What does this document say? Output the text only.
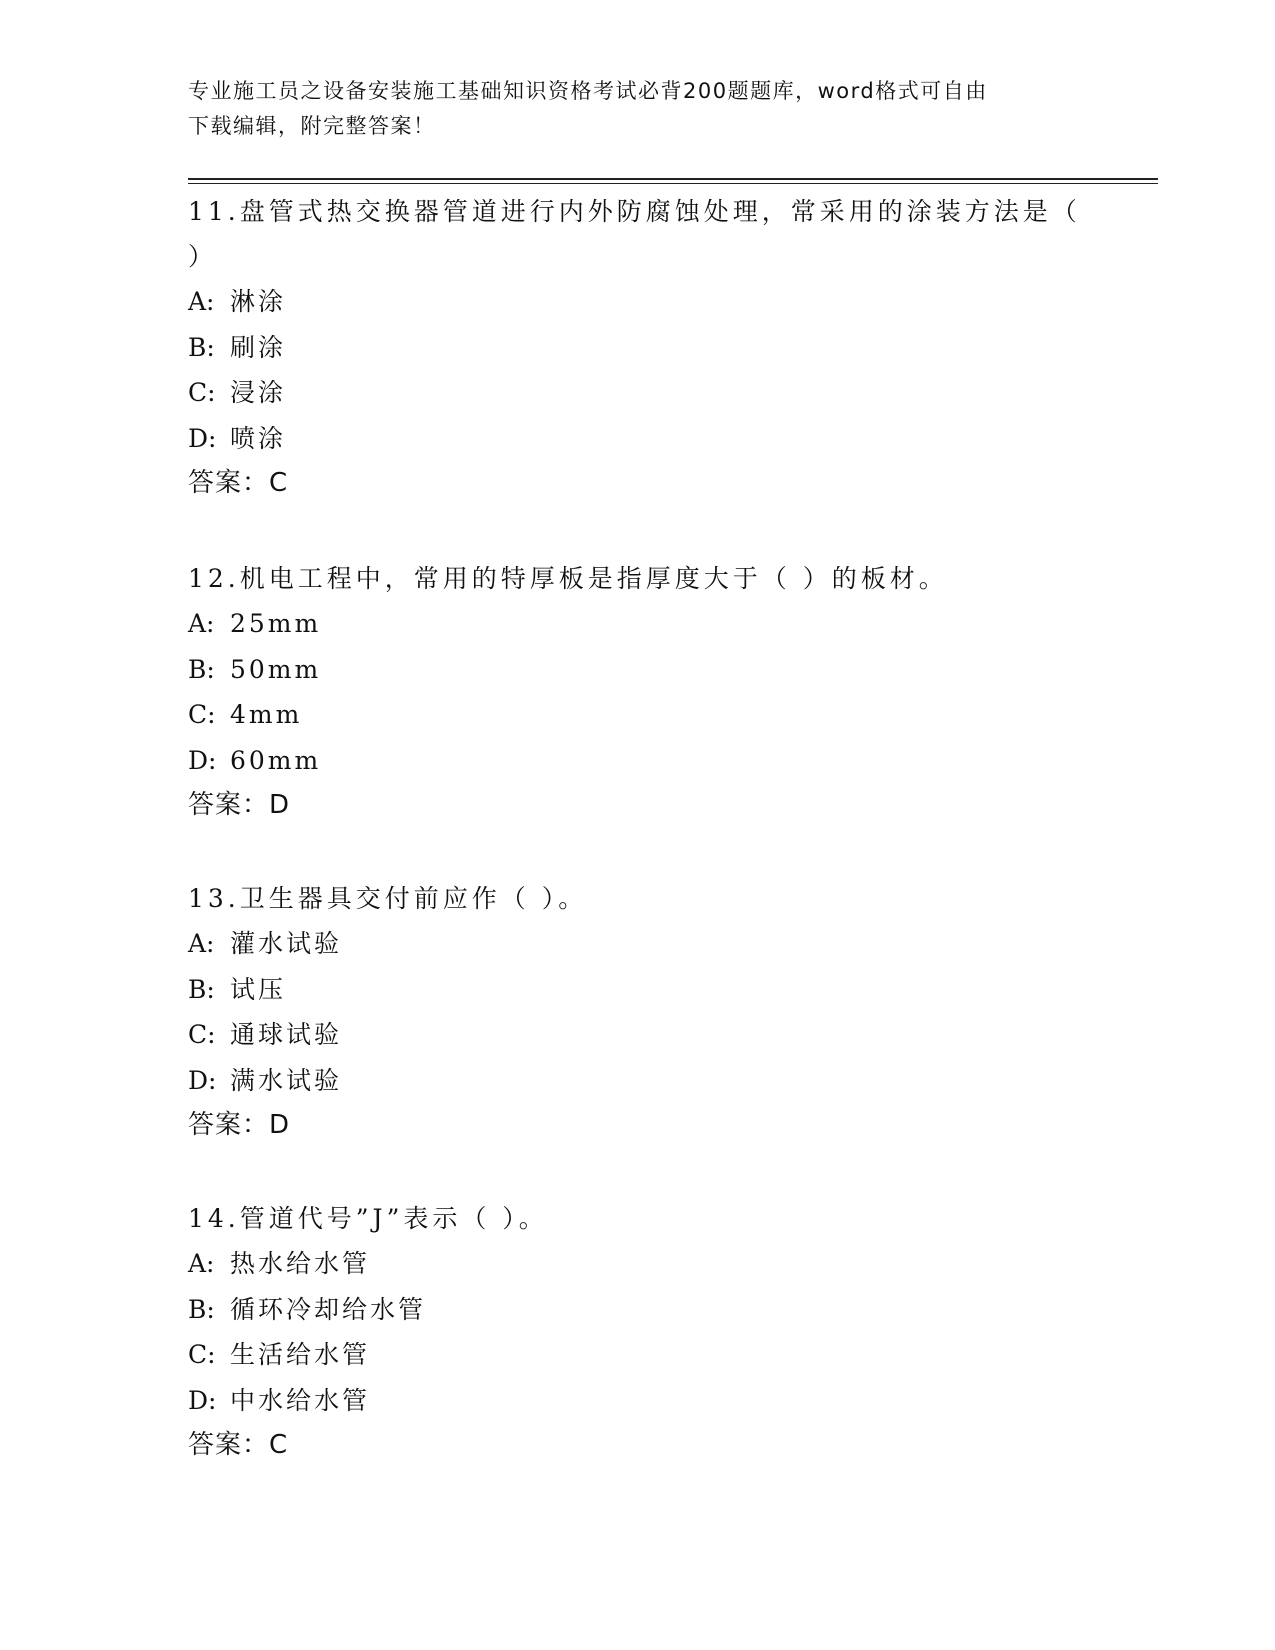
专业施工员之设备安装施工基础知识资格考试必背200题题库，word格式可自由
下载编辑，附完整答案！
11.盘管式热交换器管道进行内外防腐蚀处理，常采用的涂装方法是（
）
A: 淋涂
B: 刷涂
C: 浸涂
D: 喷涂
答案：C
12.机电工程中，常用的特厚板是指厚度大于（ ）的板材。
A: 25mm
B: 50mm
C: 4mm
D: 60mm
答案：D
13.卫生器具交付前应作（ ）。
A: 灌水试验
B: 试压
C: 通球试验
D: 满水试验
答案：D
14.管道代号”J”表示（ ）。
A: 热水给水管
B: 循环冷却给水管
C: 生活给水管
D: 中水给水管
答案：C
